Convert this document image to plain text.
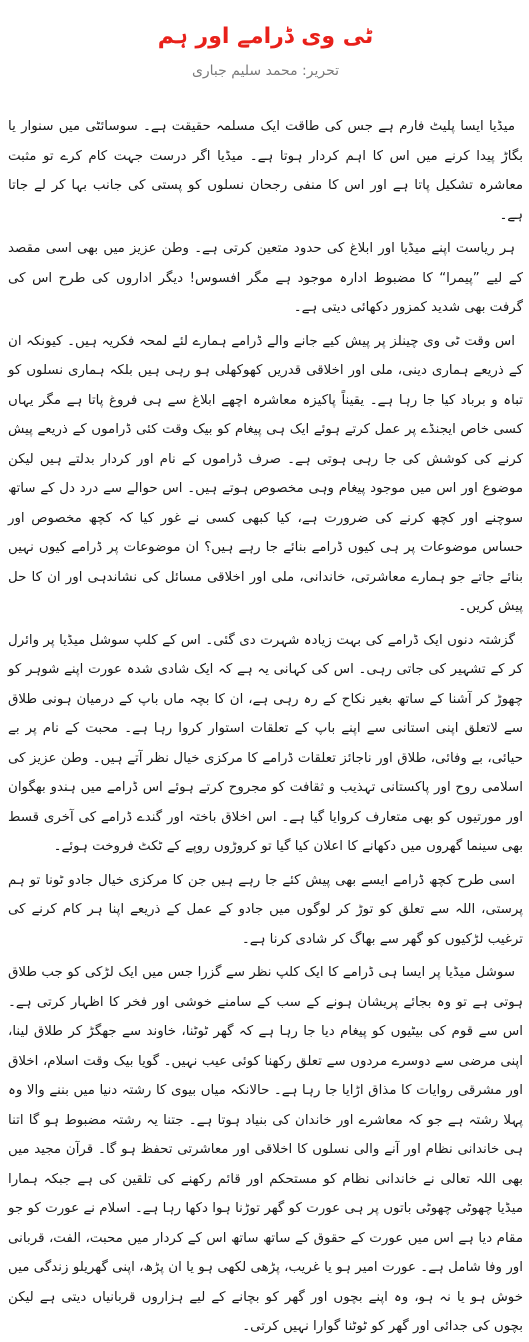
ٹی وی ڈرامے اور ہم
تحریر: محمد سلیم جباری

میڈیا ایسا پلیٹ فارم ہے جس کی طاقت ایک مسلمہ حقیقت ہے۔ سوسائٹی میں سنوار یا بگاڑ پیدا کرنے میں اس کا اہم کردار ہوتا ہے۔ میڈیا اگر درست جہت کام کرے تو مثبت معاشرہ تشکیل پاتا ہے اور اس کا منفی رجحان نسلوں کو پستی کی جانب بہا کر لے جاتا ہے۔

ہر ریاست اپنے میڈیا اور ابلاغ کی حدود متعین کرتی ہے۔ وطن عزیز میں بھی اسی مقصد کے لیے ”پیمرا“ کا مضبوط ادارہ موجود ہے مگر افسوس! دیگر اداروں کی طرح اس کی گرفت بھی شدید کمزور دکھائی دیتی ہے۔

اس وقت ٹی وی چینلز پر پیش کیے جانے والے ڈرامے ہمارے لئے لمحہ فکریہ ہیں۔ کیونکہ ان کے ذریعے ہماری دینی، ملی اور اخلاقی قدریں کھوکھلی ہو رہی ہیں بلکہ ہماری نسلوں کو تباہ و برباد کیا جا رہا ہے۔ یقیناً پاکیزہ معاشرہ اچھے ابلاغ سے ہی فروغ پاتا ہے مگر یہاں کسی خاص ایجنڈے پر عمل کرتے ہوئے ایک ہی پیغام کو بیک وقت کئی ڈراموں کے ذریعے پیش کرنے کی کوشش کی جا رہی ہوتی ہے۔ صرف ڈراموں کے نام اور کردار بدلتے ہیں لیکن موضوع اور اس میں موجود پیغام وہی مخصوص ہوتے ہیں۔ اس حوالے سے درد دل کے ساتھ سوچنے اور کچھ کرنے کی ضرورت ہے، کیا کبھی کسی نے غور کیا کہ کچھ مخصوص اور حساس موضوعات پر ہی کیوں ڈرامے بنائے جا رہے ہیں؟ ان موضوعات پر ڈرامے کیوں نہیں بنائے جاتے جو ہمارے معاشرتی، خاندانی، ملی اور اخلاقی مسائل کی نشاندہی اور ان کا حل پیش کریں۔

گزشتہ دنوں ایک ڈرامے کی بہت زیادہ شہرت دی گئی۔ اس کے کلپ سوشل میڈیا پر وائرل کر کے تشہیر کی جاتی رہی۔ اس کی کہانی یہ ہے کہ ایک شادی شدہ عورت اپنے شوہر کو چھوڑ کر آشنا کے ساتھ بغیر نکاح کے رہ رہی ہے، ان کا بچہ ماں باپ کے درمیان ہونی طلاق سے لاتعلق اپنی استانی سے اپنے باپ کے تعلقات استوار کروا رہا ہے۔ محبت کے نام پر بے حیائی، بے وفائی، طلاق اور ناجائز تعلقات ڈرامے کا مرکزی خیال نظر آتے ہیں۔ وطن عزیز کی اسلامی روح اور پاکستانی تہذیب و ثقافت کو مجروح کرتے ہوئے اس ڈرامے میں ہندو بھگوان اور مورتیوں کو بھی متعارف کروایا گیا ہے۔ اس اخلاق باختہ اور گندے ڈرامے کی آخری قسط بھی سینما گھروں میں دکھانے کا اعلان کیا گیا تو کروڑوں روپے کے ٹکٹ فروخت ہوئے۔

اسی طرح کچھ ڈرامے ایسے بھی پیش کئے جا رہے ہیں جن کا مرکزی خیال جادو ٹونا تو ہم پرستی، اللہ سے تعلق کو توڑ کر لوگوں میں جادو کے عمل کے ذریعے اپنا ہر کام کرنے کی ترغیب لڑکیوں کو گھر سے بھاگ کر شادی کرنا ہے۔

سوشل میڈیا پر ایسا ہی ڈرامے کا ایک کلپ نظر سے گزرا جس میں ایک لڑکی کو جب طلاق ہوتی ہے تو وہ بجائے پریشان ہونے کے سب کے سامنے خوشی اور فخر کا اظہار کرتی ہے۔ اس سے قوم کی بیٹیوں کو پیغام دیا جا رہا ہے کہ گھر ٹوٹنا، خاوند سے جھگڑ کر طلاق لینا، اپنی مرضی سے دوسرے مردوں سے تعلق رکھنا کوئی عیب نہیں۔ گویا بیک وقت اسلام، اخلاق اور مشرقی روایات کا مذاق اڑایا جا رہا ہے۔ حالانکہ میاں بیوی کا رشتہ دنیا میں بننے والا وہ پہلا رشتہ ہے جو کہ معاشرے اور خاندان کی بنیاد ہوتا ہے۔ جتنا یہ رشتہ مضبوط ہو گا اتنا ہی خاندانی نظام اور آنے والی نسلوں کا اخلاقی اور معاشرتی تحفظ ہو گا۔ قرآن مجید میں بھی اللہ تعالی نے خاندانی نظام کو مستحکم اور قائم رکھنے کی تلقین کی ہے جبکہ ہمارا میڈیا چھوٹی چھوٹی باتوں پر ہی عورت کو گھر توڑنا ہوا دکھا رہا ہے۔ اسلام نے عورت کو جو مقام دیا ہے اس میں عورت کے حقوق کے ساتھ ساتھ اس کے کردار میں محبت، الفت، قربانی اور وفا شامل ہے۔ عورت امیر ہو یا غریب، پڑھی لکھی ہو یا ان پڑھ، اپنی گھریلو زندگی میں خوش ہو یا نہ ہو، وہ اپنے بچوں اور گھر کو بچانے کے لیے ہزاروں قربانیاں دیتی ہے لیکن بچوں کی جدائی اور گھر کو ٹوٹنا گوارا نہیں کرتی۔
